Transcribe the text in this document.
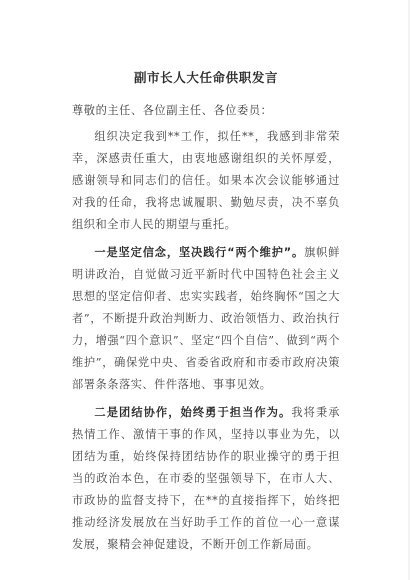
副市长人大任命供职发言
尊敬的主任、各位副主任、各位委员：

组织决定我到**工作，拟任**，我感到非常荣幸，深感责任重大，由衷地感谢组织的关怀厚爱，感谢领导和同志们的信任。如果本次会议能够通过对我的任命，我将忠诚履职、勤勉尽责，决不辜负组织和全市人民的期望与重托。

一是坚定信念，坚决践行“两个维护”。旗帜鲜明讲政治，自觉做习近平新时代中国特色社会主义思想的坚定信仰者、忠实实践者，始终胸怀“国之大者”，不断提升政治判断力、政治领悟力、政治执行力，增强“四个意识”、坚定“四个自信”、做到“两个维护”，确保党中央、省委省政府和市委市政府决策部署条条落实、件件落地、事事见效。

二是团结协作，始终勇于担当作为。我将秉承热情工作、激情干事的作风，坚持以事业为先，以团结为重，始终保持团结协作的职业操守的勇于担当的政治本色，在市委的坚强领导下，在市人大、市政协的监督支持下，在**的直接指挥下，始终把推动经济发展放在当好助手工作的首位一心一意谋发展，聚精会神促建设，不断开创工作新局面。
